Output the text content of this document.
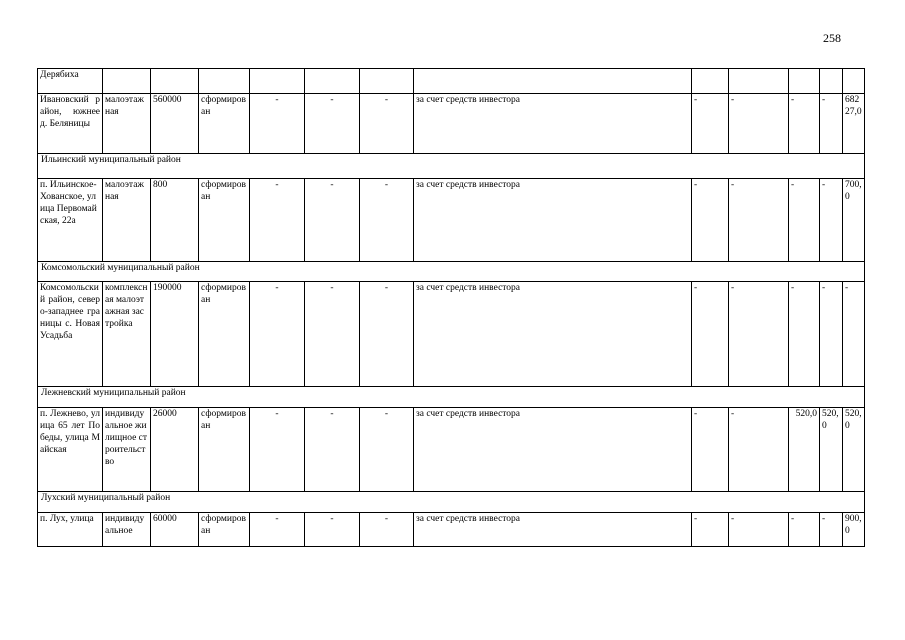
258
Дерябиха												
Ивановский район, южнее д. Беляницы	малоэтажная	560000	сформирован	-	-	-	за счет средств инвестора	-	-	-	-	68227,0
Ильинский муниципальный район												
п. Ильинское-Хованское, улица Первомайская, 22а	малоэтажная	800	сформирован	-	-	-	за счет средств инвестора	-	-	-	-	700,0
Комсомольский муниципальный район												
Комсомольский район, северо-западнее границы с. Новая Усадьба	комплексная малоэтажная застройка	190000	сформирован	-	-	-	за счет средств инвестора	-	-	-	-	-
Лежневский муниципальный район												
п. Лежнево, улица 65 лет Победы, улица Майская	индивидуальное жилищное строительство	26000	сформирован	-	-	-	за счет средств инвестора	-	-	520,0	520,0	520,0
Лухский муниципальный район												
п. Лух, улица	индивидуальное	60000	сформирован	-	-	-	за счет средств инвестора	-	-	-	-	900,0
